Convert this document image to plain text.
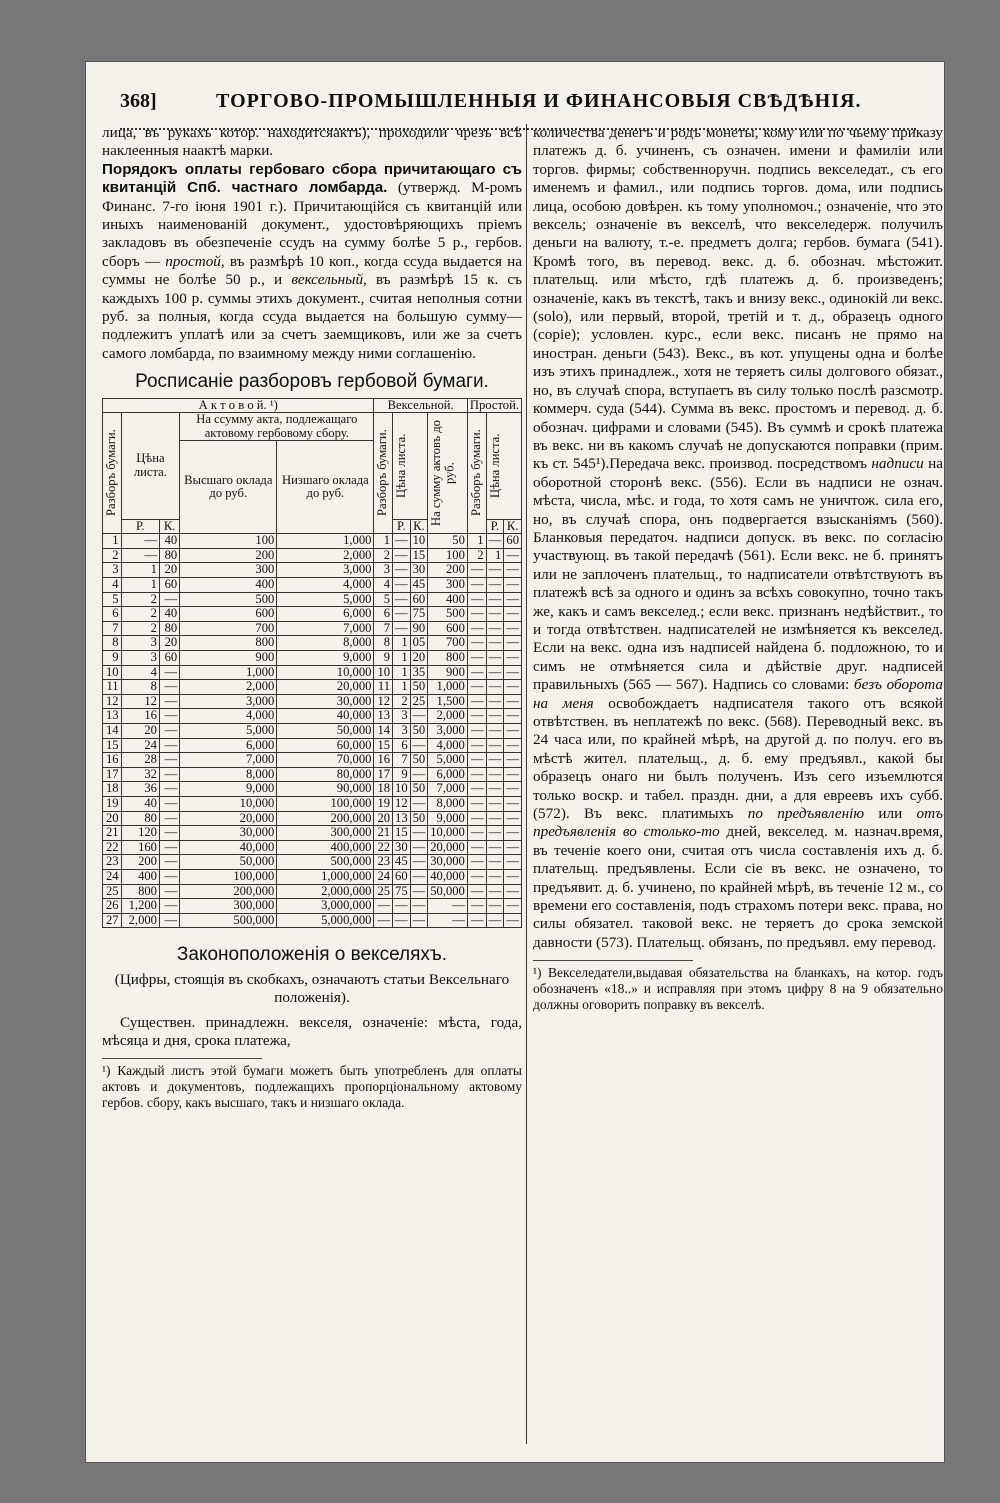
368]	ТОРГОВО-ПРОМЫШЛЕННЫЯ И ФИНАНСОВЫЯ СВѢДѢНІЯ.

лица, въ рукахъ котор. находитсяактъ), проходили чрезъ всѣ наклеенныя наактѣ марки.

Порядокъ оплаты гербоваго сбора причитающаго съ квитанцій Спб. частнаго ломбарда. (утвержд. М-ромъ Финанс. 7-го іюня 1901 г.). Причитающійся съ квитанцій или иныхъ наименованій документ., удостовѣряющихъ пріемъ закладовъ въ обезпеченіе ссудъ на сумму болѣе 5 р., гербов. сборъ — простой, въ размѣрѣ 10 коп., когда ссуда выдается на суммы не болѣе 50 р., и вексельный, въ размѣрѣ 15 к. съ каждыхъ 100 р. суммы этихъ документ., считая неполныя сотни руб. за полныя, когда ссуда выдается на большую сумму— подлежитъ уплатѣ или за счетъ заемщиковъ, или же за счетъ самого ломбарда, по взаимному между ними соглашенію.

Росписаніе разборовъ гербовой бумаги.
А к т о в о й. ¹)					Вексельной.				Простой.		

Разборъ бумаги.	Цѣна листа.		На ссумму акта, подлежащаго актовому гербовому сбору.		Разборъ бумаги.	Цѣна листа.		На сумму актовъ до руб.	Разборъ бумаги.	Цѣна листа.	

			Высшаго оклада до руб.	Низшаго оклада до руб.							
	Р.	К.				Р.	К.			Р.	К.
1	—	40	100	1,000	1	—	10	50	1	—	60
2	—	80	200	2,000	2	—	15	100	2	1	—
3	1	20	300	3,000	3	—	30	200	—	—	—
4	1	60	400	4,000	4	—	45	300	—	—	—
5	2	—	500	5,000	5	—	60	400	—	—	—
6	2	40	600	6,000	6	—	75	500	—	—	—
7	2	80	700	7,000	7	—	90	600	—	—	—
8	3	20	800	8,000	8	1	05	700	—	—	—
9	3	60	900	9,000	9	1	20	800	—	—	—
10	4	—	1,000	10,000	10	1	35	900	—	—	—
11	8	—	2,000	20,000	11	1	50	1,000	—	—	—
12	12	—	3,000	30,000	12	2	25	1,500	—	—	—
13	16	—	4,000	40,000	13	3	—	2,000	—	—	—
14	20	—	5,000	50,000	14	3	50	3,000	—	—	—
15	24	—	6,000	60,000	15	6	—	4,000	—	—	—
16	28	—	7,000	70,000	16	7	50	5,000	—	—	—
17	32	—	8,000	80,000	17	9	—	6,000	—	—	—
18	36	—	9,000	90,000	18	10	50	7,000	—	—	—
19	40	—	10,000	100,000	19	12	—	8,000	—	—	—
20	80	—	20,000	200,000	20	13	50	9,000	—	—	—
21	120	—	30,000	300,000	21	15	—	10,000	—	—	—
22	160	—	40,000	400,000	22	30	—	20,000	—	—	—
23	200	—	50,000	500,000	23	45	—	30,000	—	—	—
24	400	—	100,000	1,000,000	24	60	—	40,000	—	—	—
25	800	—	200,000	2,000,000	25	75	—	50,000	—	—	—
26	1,200	—	300,000	3,000,000	—	—	—	—	—	—	—
27	2,000	—	500,000	5,000,000	—	—	—	—	—	—	—
Законоположенія о векселяхъ.

(Цифры, стоящія въ скобкахъ, означаютъ статьи Вексельнаго положенія).

Существен. принадлежн. векселя, означеніе: мѣста, года, мѣсяца и дня, срока платежа,

¹) Каждый листъ этой бумаги можетъ быть употребленъ для оплаты актовъ и документовъ, подлежащихъ пропорціональному актовому гербов. сбору, какъ высшаго, такъ и низшаго оклада.

количества денегъ и родъ монеты, кому или по чьему приказу платежъ д. б. учиненъ, съ означен. имени и фамиліи или торгов. фирмы; собственноручн. подпись векселедат., съ его именемъ и фамил., или подпись торгов. дома, или подпись лица, особою довѣрен. къ тому уполномоч.; означеніе, что это вексель; означеніе въ векселѣ, что векселедерж. получилъ деньги на валюту, т.-е. предметъ долга; гербов. бумага (541). Кромѣ того, въ перевод. векс. д. б. обознач. мѣстожит. плательщ. или мѣсто, гдѣ платежъ д. б. произведенъ; означеніе, какъ въ текстѣ, такъ и внизу векс., одинокій ли векс. (solo), или первый, второй, третій и т. д., образецъ одного (copie); условлен. курс., если векс. писанъ не прямо на иностран. деньги (543). Векс., въ кот. упущены одна и болѣе изъ этихъ принадлеж., хотя не теряетъ силы долгового обязат., но, въ случаѣ спора, вступаетъ въ силу только послѣ разсмотр. коммерч. суда (544). Сумма въ векс. простомъ и перевод. д. б. обознач. цифрами и словами (545). Въ суммѣ и срокѣ платежа въ векс. ни въ какомъ случаѣ не допускаются поправки (прим. къ ст. 545¹).Передача векс. производ. посредствомъ надписи на оборотной сторонѣ векс. (556). Если въ надписи не означ. мѣста, числа, мѣс. и года, то хотя самъ не уничтож. сила его, но, въ случаѣ спора, онъ подвергается взысканіямъ (560). Бланковыя передаточ. надписи допуск. въ векс. по согласію участвующ. въ такой передачѣ (561). Если векс. не б. принятъ или не заплоченъ плательщ., то надписатели отвѣтствуютъ въ платежѣ всѣ за одного и одинъ за всѣхъ совокупно, точно такъ же, какъ и самъ векселед.; если векс. признанъ недѣйствит., то и тогда отвѣтствен. надписателей не измѣняется къ векселед. Если на векс. одна изъ надписей найдена б. подложною, то и симъ не отмѣняется сила и дѣйствіе друг. надписей правильныхъ (565 — 567). Надпись со словами: безъ оборота на меня освобождаетъ надписателя такого отъ всякой отвѣтствен. въ неплатежѣ по векс. (568). Переводный векс. въ 24 часа или, по крайней мѣрѣ, на другой д. по получ. его въ мѣстѣ жител. плательщ., д. б. ему предъявл., какой бы образецъ онаго ни былъ полученъ. Изъ сего изъемлются только воскр. и табел. праздн. дни, а для евреевъ ихъ субб.(572). Въ векс. платимыхъ по предъявленію или отъ предъявленія во столько-то дней, векселед. м. назнач.время, въ теченіе коего они, считая отъ числа составленія ихъ д. б. плательщ. предъявлены. Если сіе въ векс. не означено, то предъявит. д. б. учинено, по крайней мѣрѣ, въ теченіе 12 м., со времени его составленія, подъ страхомъ потери векс. права, но силы обязател. таковой векс. не теряетъ до срока земской давности (573). Плательщ. обязанъ, по предъявл. ему перевод.

¹) Векселедатели,выдавая обязательства на бланкахъ, на котор. годъ обозначенъ «18..» и исправляя при этомъ цифру 8 на 9 обязательно должны оговорить поправку въ векселѣ.
